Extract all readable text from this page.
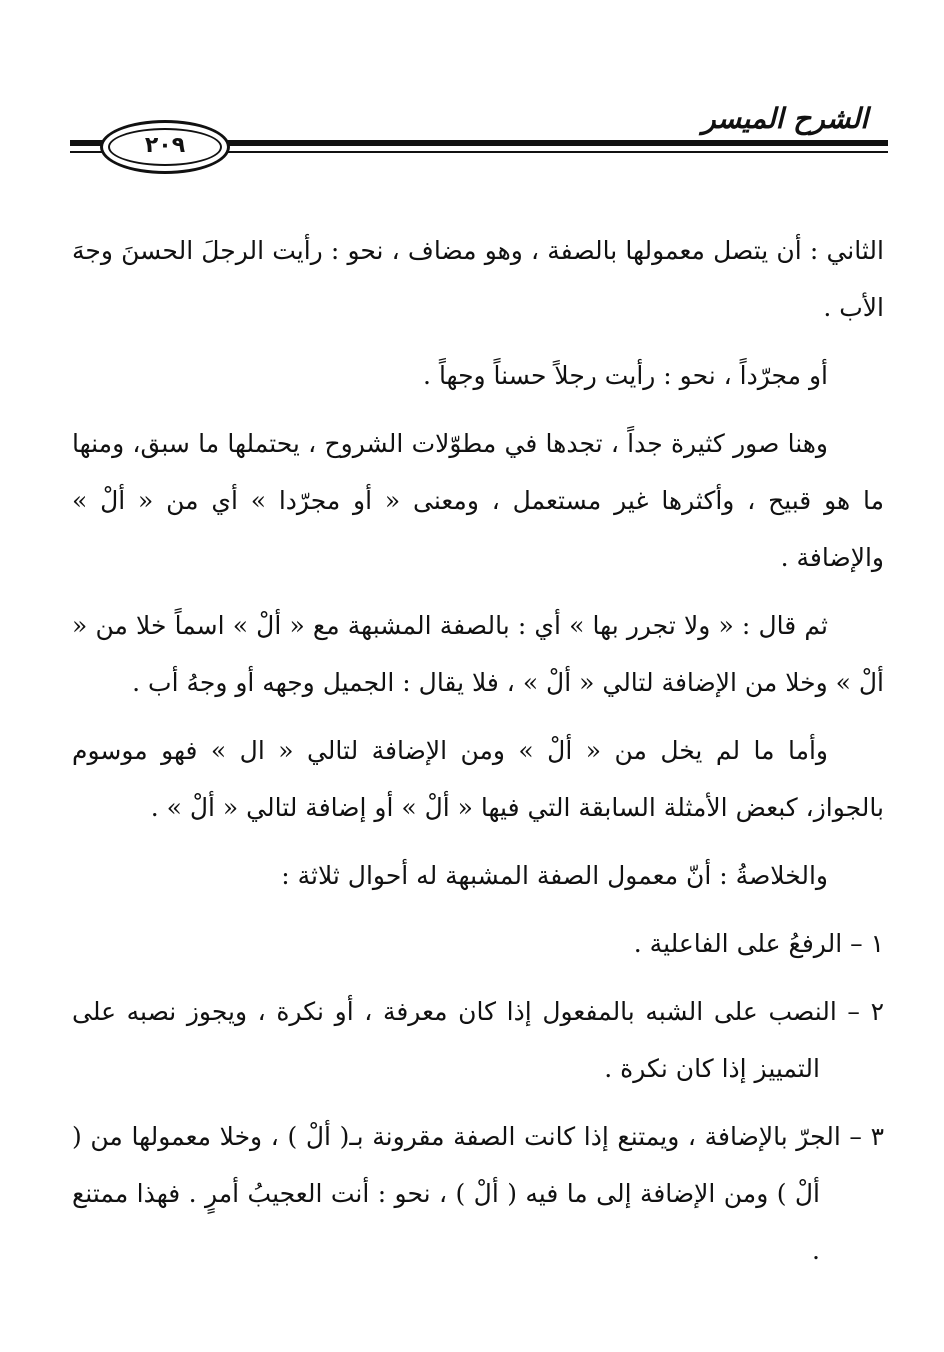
الشرح الميسر
٢٠٩

الثاني : أن يتصل معمولها بالصفة ، وهو مضاف ، نحو : رأيت الرجلَ الحسنَ وجهَ الأب .

أو مجرّداً ، نحو : رأيت رجلاً حسناً وجهاً .

وهنا صور كثيرة جداً ، تجدها في مطوّلات الشروح ، يحتملها ما سبق، ومنها ما هو قبيح ، وأكثرها غير مستعمل ، ومعنى « أو مجرّدا » أي من « ألْ » والإضافة .

ثم قال : « ولا تجرر بها » أي : بالصفة المشبهة مع « ألْ » اسماً خلا من « ألْ » وخلا من الإضافة لتالي « ألْ » ، فلا يقال : الجميل وجهه أو وجهُ أب .

وأما ما لم يخل من « ألْ » ومن الإضافة لتالي « ال » فهو موسوم بالجواز، كبعض الأمثلة السابقة التي فيها « ألْ » أو إضافة لتالي « ألْ » .

والخلاصةُ : أنّ معمول الصفة المشبهة له أحوال ثلاثة :

١ – الرفعُ على الفاعلية .

٢ – النصب على الشبه بالمفعول إذا كان معرفة ، أو نكرة ، ويجوز نصبه على التمييز إذا كان نكرة .

٣ – الجرّ بالإضافة ، ويمتنع إذا كانت الصفة مقرونة بـ( ألْ ) ، وخلا معمولها من ( ألْ ) ومن الإضافة إلى ما فيه ( ألْ ) ، نحو : أنت العجيبُ أمرٍ . فهذا ممتنع .
